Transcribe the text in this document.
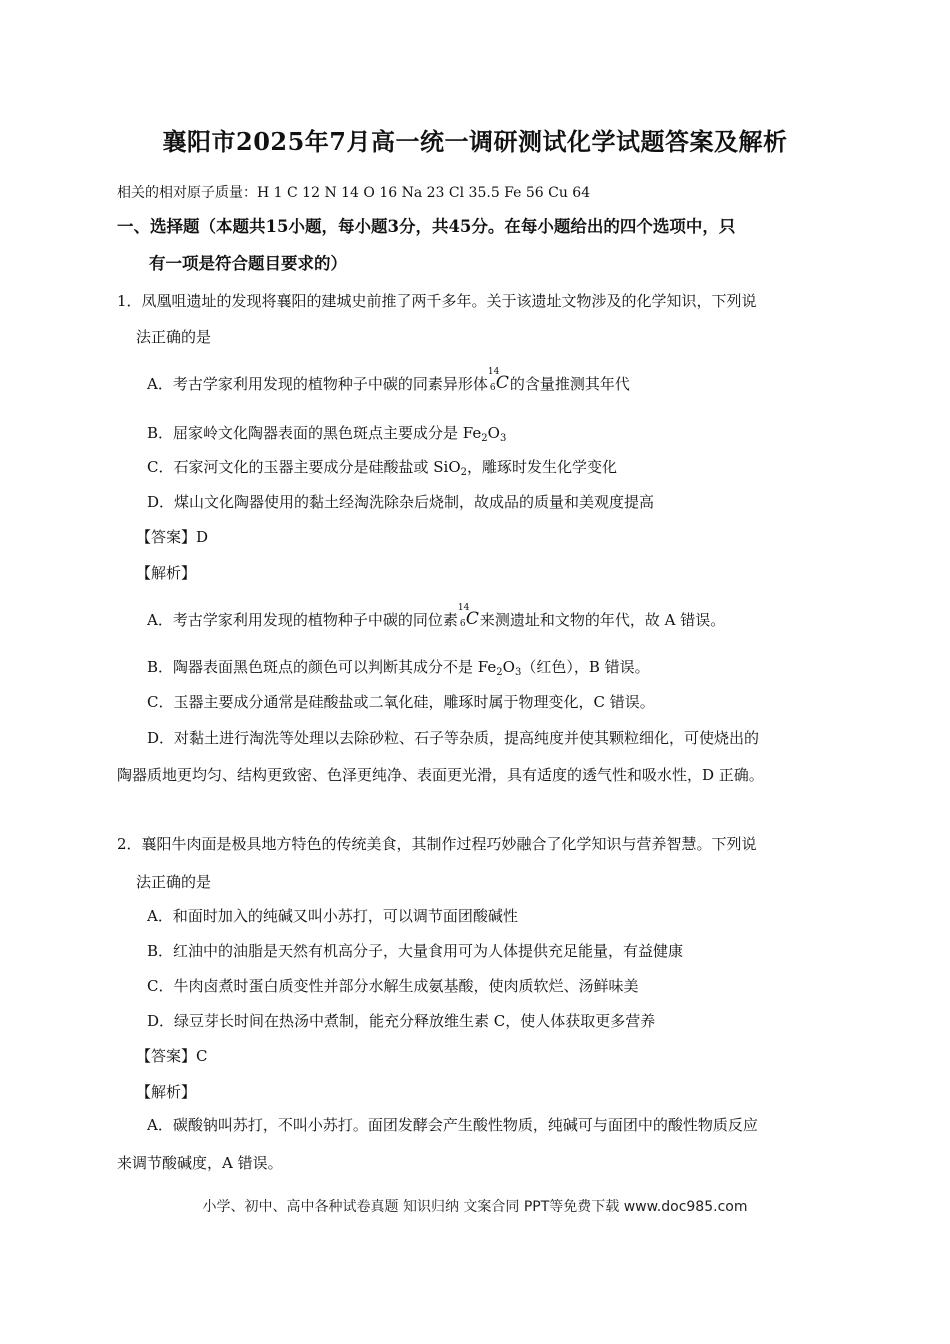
襄阳市2025年7月高一统一调研测试化学试题答案及解析
相关的相对原子质量：H 1 C 12 N 14 O 16 Na 23 Cl 35.5 Fe 56 Cu 64
一、选择题（本题共15小题，每小题3分，共45分。在每小题给出的四个选项中，只
有一项是符合题目要求的）
1．凤凰咀遗址的发现将襄阳的建城史前推了两千多年。关于该遗址文物涉及的化学知识，下列说
法正确的是
A．考古学家利用发现的植物种子中碳的同素异形体
14
6 C 的含量推测其年代
B．屈家岭文化陶器表面的黑色斑点主要成分是 $Fe_2O_3$
C．石家河文化的玉器主要成分是硅酸盐或 SiO$_2$，雕琢时发生化学变化
D．煤山文化陶器使用的黏土经淘洗除杂后烧制，故成品的质量和美观度提高
【答案】D
【解析】
A．考古学家利用发现的植物种子中碳的同位素
14
6 C 来测遗址和文物的年代，故 A 错误。
B．陶器表面黑色斑点的颜色可以判断其成分不是 $Fe_2O_3$（红色），B 错误。
C．玉器主要成分通常是硅酸盐或二氧化硅，雕琢时属于物理变化，C 错误。
D．对黏土进行淘洗等处理以去除砂粒、石子等杂质，提高纯度并使其颗粒细化，可使烧出的
陶器质地更均匀、结构更致密、色泽更纯净、表面更光滑，具有适度的透气性和吸水性，D 正确。
2．襄阳牛肉面是极具地方特色的传统美食，其制作过程巧妙融合了化学知识与营养智慧。下列说
法正确的是
A．和面时加入的纯碱又叫小苏打，可以调节面团酸碱性
B．红油中的油脂是天然有机高分子，大量食用可为人体提供充足能量，有益健康
C．牛肉卤煮时蛋白质变性并部分水解生成氨基酸，使肉质软烂、汤鲜味美
D．绿豆芽长时间在热汤中煮制，能充分释放维生素 C，使人体获取更多营养
【答案】C
【解析】
A．碳酸钠叫苏打，不叫小苏打。面团发酵会产生酸性物质，纯碱可与面团中的酸性物质反应
来调节酸碱度，A 错误。
小学、初中、高中各种试卷真题 知识归纳 文案合同 PPT等免费下载 www.doc985.com
